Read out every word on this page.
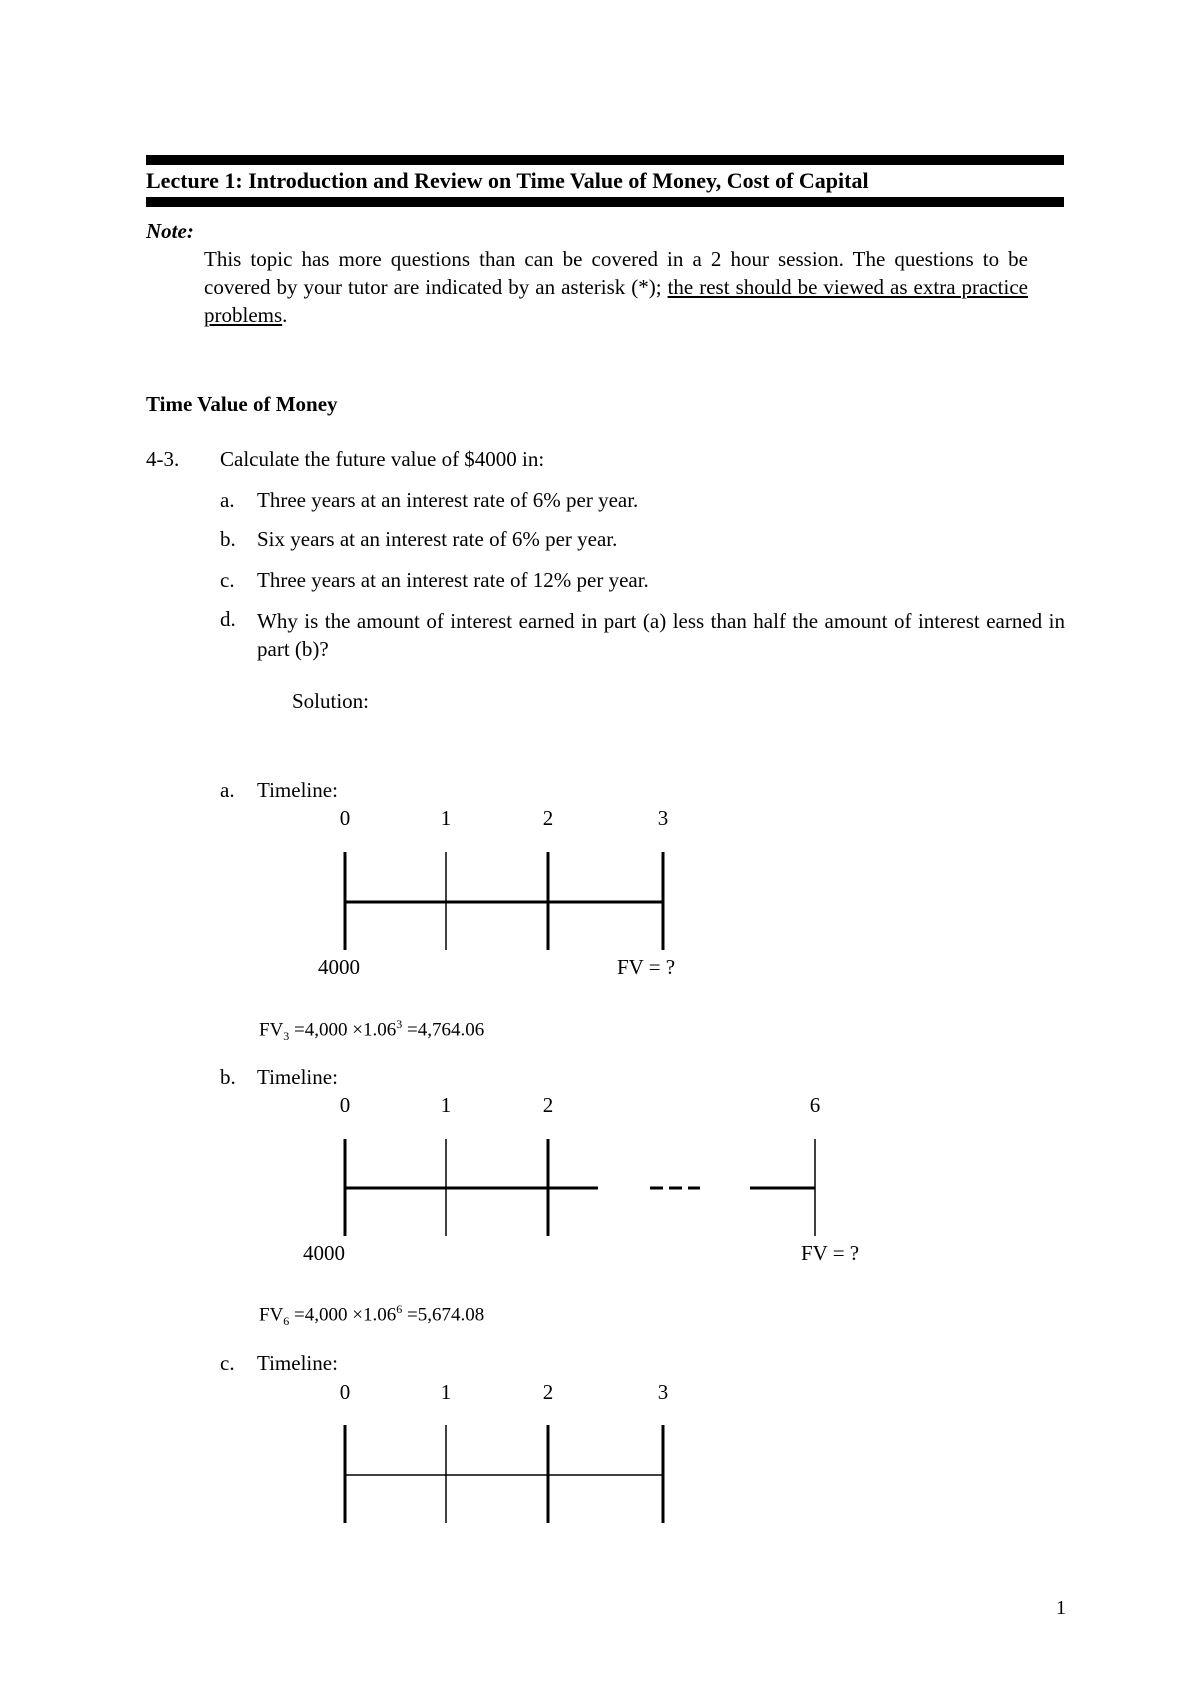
Lecture 1: Introduction and Review on Time Value of Money, Cost of Capital
Note:
This topic has more questions than can be covered in a 2 hour session. The questions to be covered by your tutor are indicated by an asterisk (*); the rest should be viewed as extra practice problems.
Time Value of Money
4-3. Calculate the future value of $4000 in:
a. Three years at an interest rate of 6% per year.
b. Six years at an interest rate of 6% per year.
c. Three years at an interest rate of 12% per year.
d. Why is the amount of interest earned in part (a) less than half the amount of interest earned in part (b)?
Solution:
a. Timeline:
0	1	2	3
4000	FV = ?
$FV_3 =4,000 \times 1.06^3 =4,764.06$
b. Timeline:
0	1	2	6
4000	FV = ?
$FV_6 =4,000 \times 1.06^6 =5,674.08$
c. Timeline:
0	1	2	3
1
